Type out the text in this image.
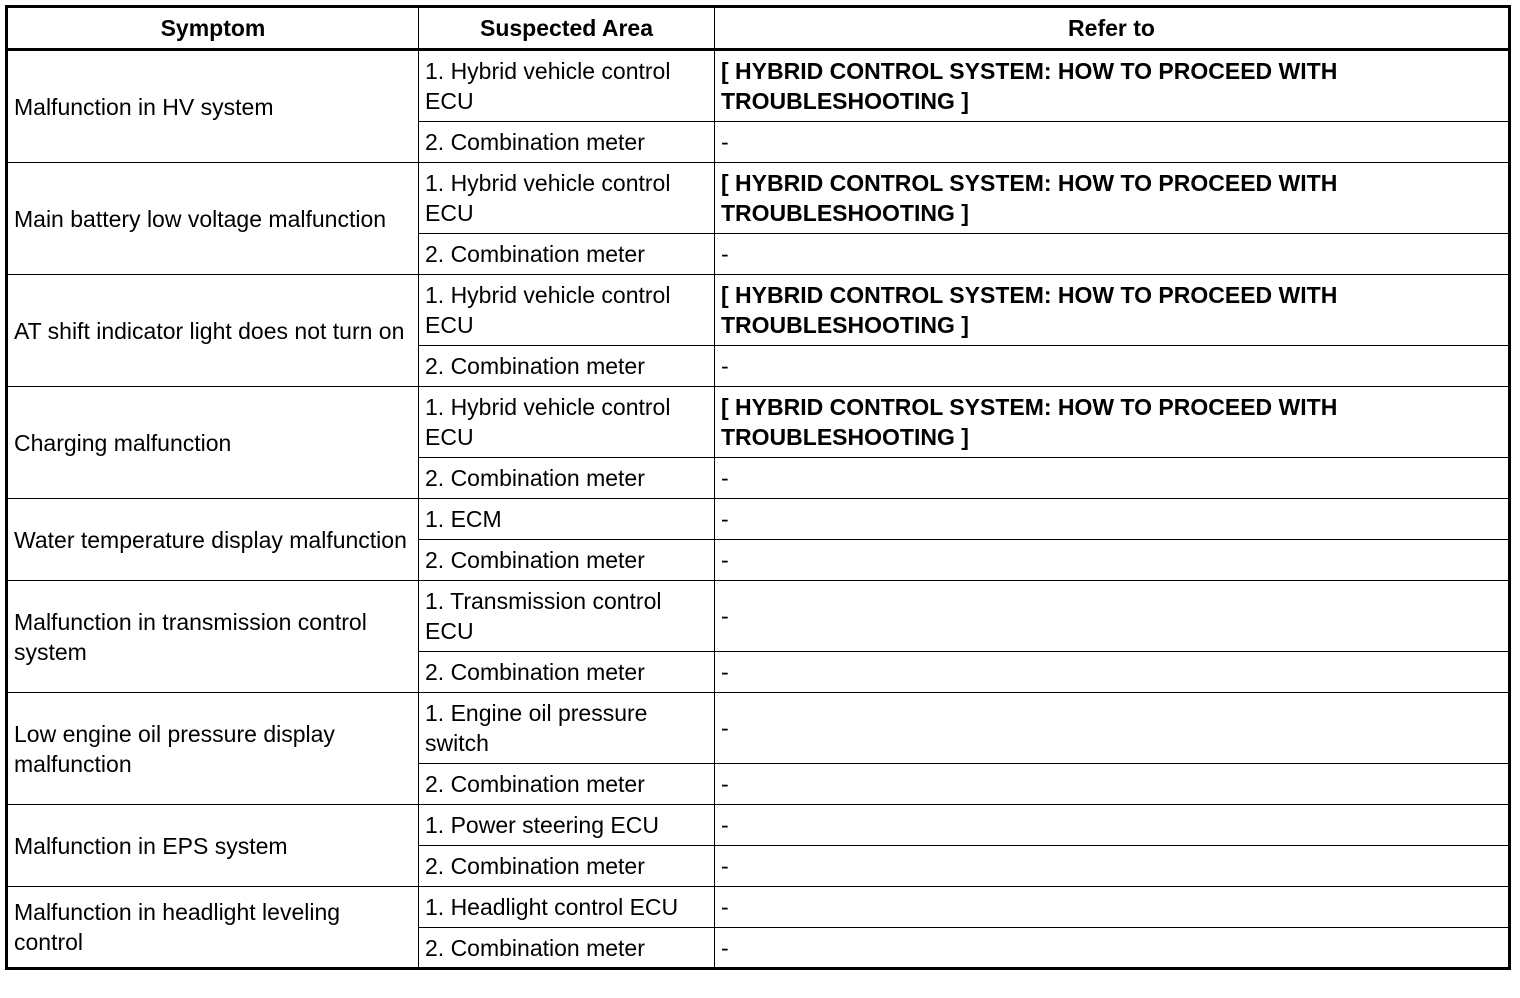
Symptom	Suspected Area	Refer to
Malfunction in HV system	1. Hybrid vehicle control ECU	[ HYBRID CONTROL SYSTEM: HOW TO PROCEED WITH TROUBLESHOOTING ]
	2. Combination meter	-
Main battery low voltage malfunction	1. Hybrid vehicle control ECU	[ HYBRID CONTROL SYSTEM: HOW TO PROCEED WITH TROUBLESHOOTING ]
	2. Combination meter	-
AT shift indicator light does not turn on	1. Hybrid vehicle control ECU	[ HYBRID CONTROL SYSTEM: HOW TO PROCEED WITH TROUBLESHOOTING ]
	2. Combination meter	-
Charging malfunction	1. Hybrid vehicle control ECU	[ HYBRID CONTROL SYSTEM: HOW TO PROCEED WITH TROUBLESHOOTING ]
	2. Combination meter	-
Water temperature display malfunction	1. ECM	-
	2. Combination meter	-
Malfunction in transmission control system	1. Transmission control ECU	-
	2. Combination meter	-
Low engine oil pressure display malfunction	1. Engine oil pressure switch	-
	2. Combination meter	-
Malfunction in EPS system	1. Power steering ECU	-
	2. Combination meter	-
Malfunction in headlight leveling control	1. Headlight control ECU	-
	2. Combination meter	-
